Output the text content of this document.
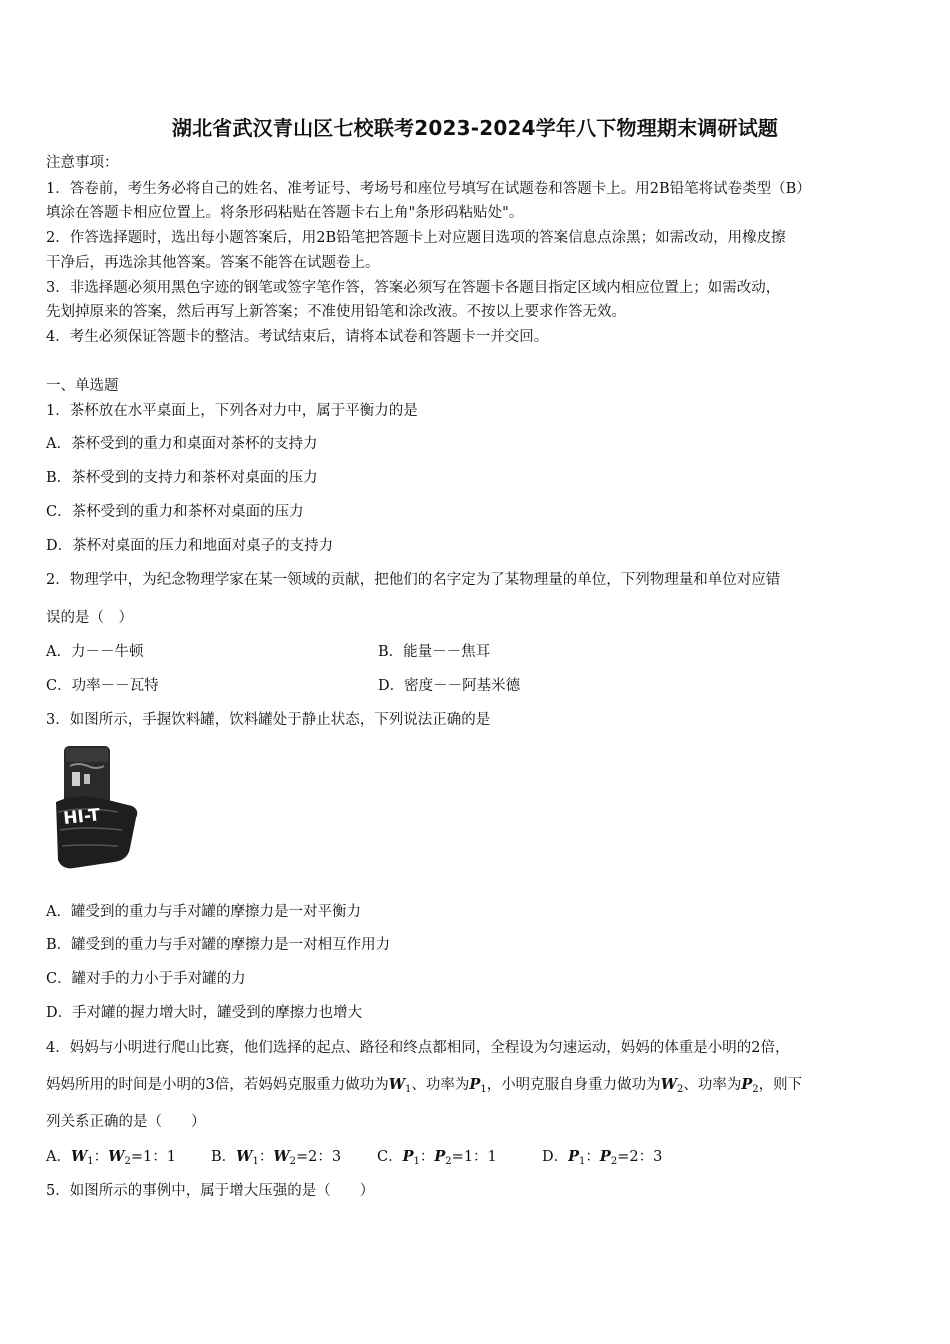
湖北省武汉青山区七校联考2023-2024学年八下物理期末调研试题
注意事项：
1．答卷前，考生务必将自己的姓名、准考证号、考场号和座位号填写在试题卷和答题卡上。用2B铅笔将试卷类型（B）
填涂在答题卡相应位置上。将条形码粘贴在答题卡右上角"条形码粘贴处"。
2．作答选择题时，选出每小题答案后，用2B铅笔把答题卡上对应题目选项的答案信息点涂黑；如需改动，用橡皮擦
干净后，再选涂其他答案。答案不能答在试题卷上。
3．非选择题必须用黑色字迹的钢笔或签字笔作答，答案必须写在答题卡各题目指定区域内相应位置上；如需改动，
先划掉原来的答案，然后再写上新答案；不准使用铅笔和涂改液。不按以上要求作答无效。
4．考生必须保证答题卡的整洁。考试结束后，请将本试卷和答题卡一并交回。
一、单选题
1．茶杯放在水平桌面上，下列各对力中，属于平衡力的是
A．茶杯受到的重力和桌面对茶杯的支持力
B．茶杯受到的支持力和茶杯对桌面的压力
C．茶杯受到的重力和茶杯对桌面的压力
D．茶杯对桌面的压力和地面对桌子的支持力
2．物理学中，为纪念物理学家在某一领域的贡献，把他们的名字定为了某物理量的单位，下列物理量和单位对应错
误的是（　）
A．力－－牛顿	B．能量－－焦耳
C．功率－－瓦特	D．密度－－阿基米德
3．如图所示，手握饮料罐，饮料罐处于静止状态，下列说法正确的是
HI-T
A．罐受到的重力与手对罐的摩擦力是一对平衡力
B．罐受到的重力与手对罐的摩擦力是一对相互作用力
C．罐对手的力小于手对罐的力
D．手对罐的握力增大时，罐受到的摩擦力也增大
4．妈妈与小明进行爬山比赛，他们选择的起点、路径和终点都相同，全程设为匀速运动，妈妈的体重是小明的2倍，
妈妈所用的时间是小明的3倍，若妈妈克服重力做功为$W_1$、功率为$P_1$，小明克服自身重力做功为$W_2$、功率为$P_2$，则下
列关系正确的是（　　）
A．$W_1$：$W_2=1$：1 B．$W_1$：$W_2=2$：3 C．$P_1$：$P_2=1$：1	D．$P_1$：$P_2=2$：3
5．如图所示的事例中，属于增大压强的是（　　）
